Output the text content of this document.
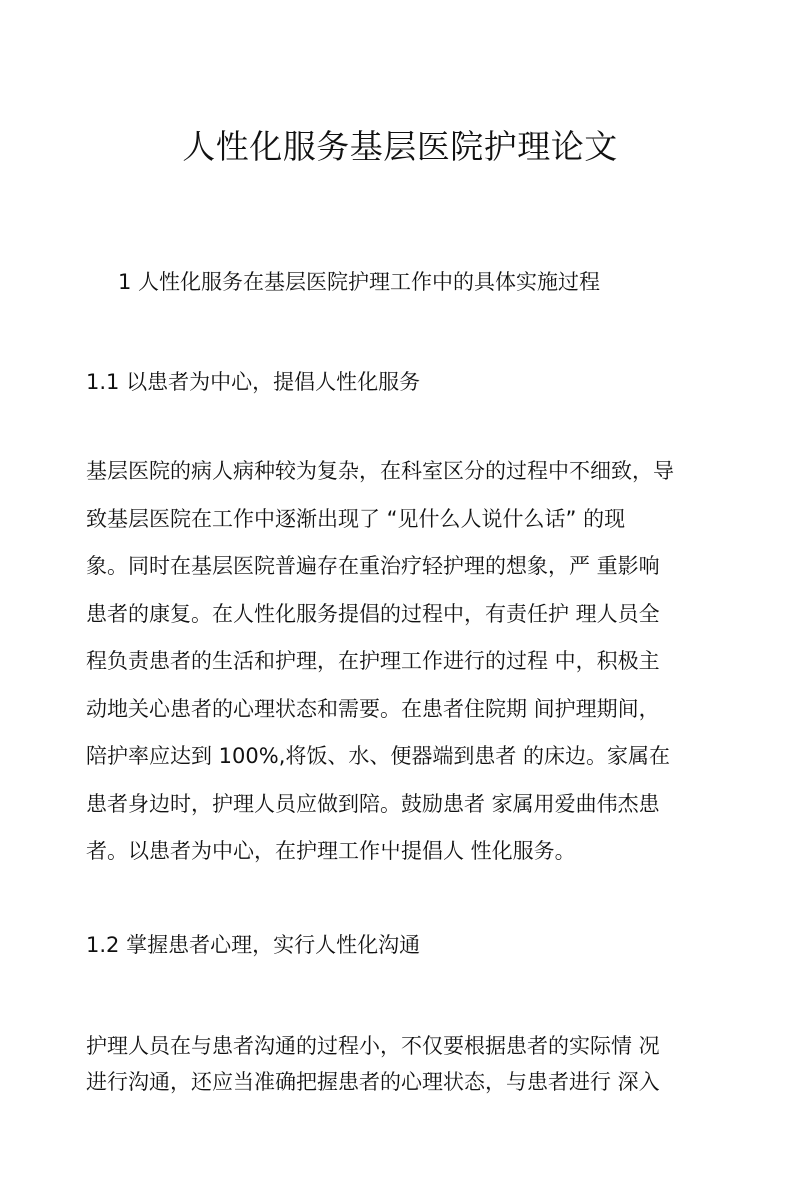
人性化服务基层医院护理论文
1 人性化服务在基层医院护理工作中的具体实施过程
1.1 以患者为中心，提倡人性化服务
基层医院的病人病种较为复杂，在科室区分的过程中不细致，导
致基层医院在工作中逐渐出现了 “见什么人说什么话” 的现
象。同时在基层医院普遍存在重治疗轻护理的想象，严 重影响
患者的康复。在人性化服务提倡的过程中，有责任护 理人员全
程负责患者的生活和护理，在护理工作进行的过程 中，积极主
动地关心患者的心理状态和需要。在患者住院期 间护理期间，
陪护率应达到 100%,将饭、水、便器端到患者 的床边。家属在
患者身边时，护理人员应做到陪。鼓励患者 家属用爱曲伟杰患
者。以患者为中心，在护理工作屮提倡人 性化服务。
1.2 掌握患者心理，实行人性化沟通
护理人员在与患者沟通的过程小，不仅要根据患者的实际情 况
进行沟通，还应当准确把握患者的心理状态，与患者进行 深入
